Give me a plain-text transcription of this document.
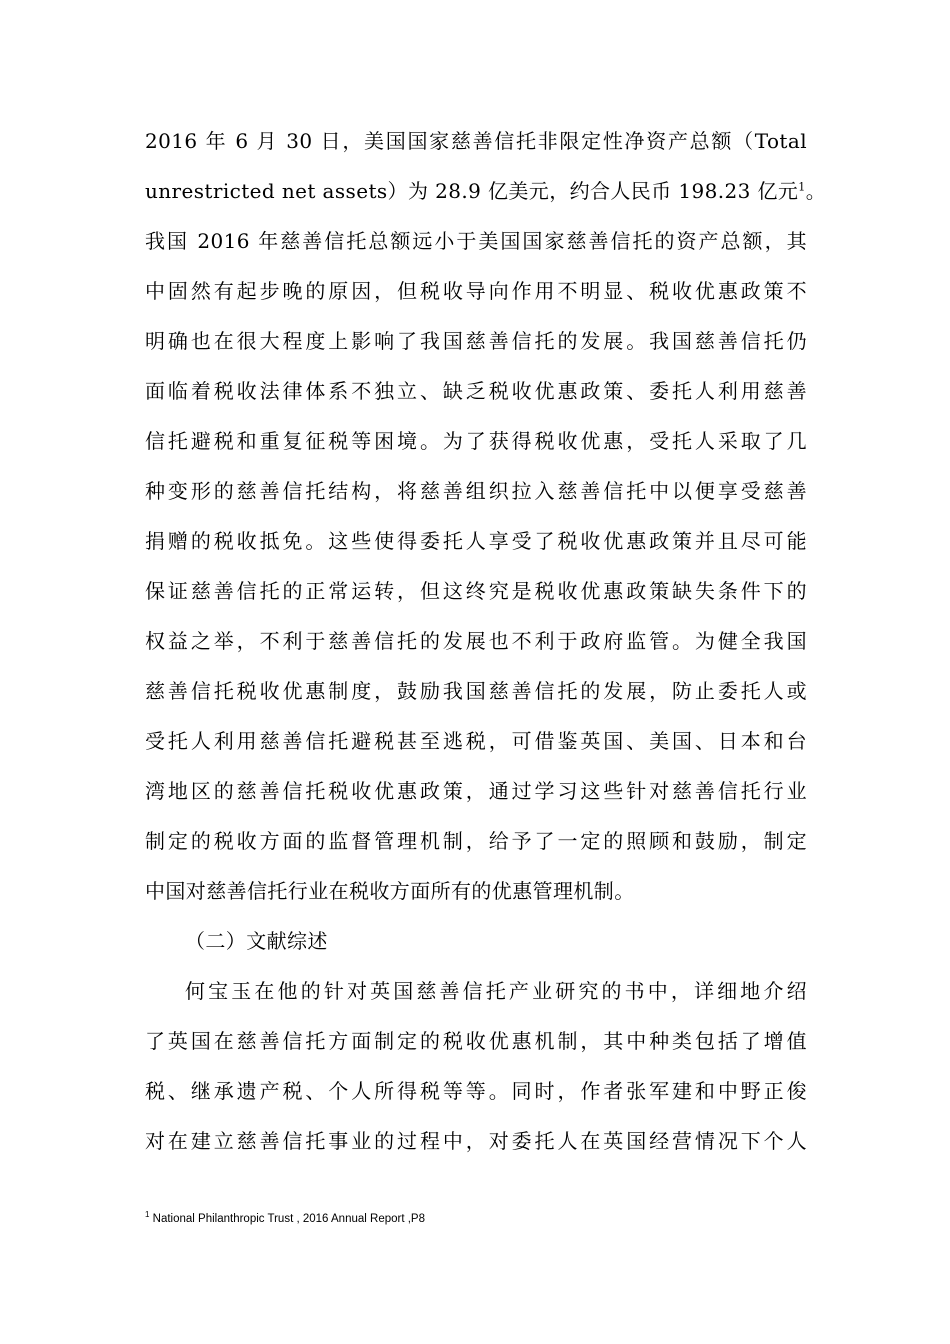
2016 年 6 月 30 日，美国国家慈善信托非限定性净资产总额（Total
unrestricted net assets）为 28.9 亿美元，约合人民币 198.23 亿元$^1$。
我国 2016 年慈善信托总额远小于美国国家慈善信托的资产总额，其
中固然有起步晚的原因，但税收导向作用不明显、税收优惠政策不
明确也在很大程度上影响了我国慈善信托的发展。我国慈善信托仍
面临着税收法律体系不独立、缺乏税收优惠政策、委托人利用慈善
信托避税和重复征税等困境。为了获得税收优惠，受托人采取了几
种变形的慈善信托结构，将慈善组织拉入慈善信托中以便享受慈善
捐赠的税收抵免。这些使得委托人享受了税收优惠政策并且尽可能
保证慈善信托的正常运转，但这终究是税收优惠政策缺失条件下的
权益之举，不利于慈善信托的发展也不利于政府监管。为健全我国
慈善信托税收优惠制度，鼓励我国慈善信托的发展，防止委托人或
受托人利用慈善信托避税甚至逃税，可借鉴英国、美国、日本和台
湾地区的慈善信托税收优惠政策，通过学习这些针对慈善信托行业
制定的税收方面的监督管理机制，给予了一定的照顾和鼓励，制定
中国对慈善信托行业在税收方面所有的优惠管理机制。
（二）文献综述
何宝玉在他的针对英国慈善信托产业研究的书中，详细地介绍
了英国在慈善信托方面制定的税收优惠机制，其中种类包括了增值
税、继承遗产税、个人所得税等等。同时，作者张军建和中野正俊
对在建立慈善信托事业的过程中，对委托人在英国经营情况下个人
$^1$ National Philanthropic Trust , 2016 Annual Report ,P8
